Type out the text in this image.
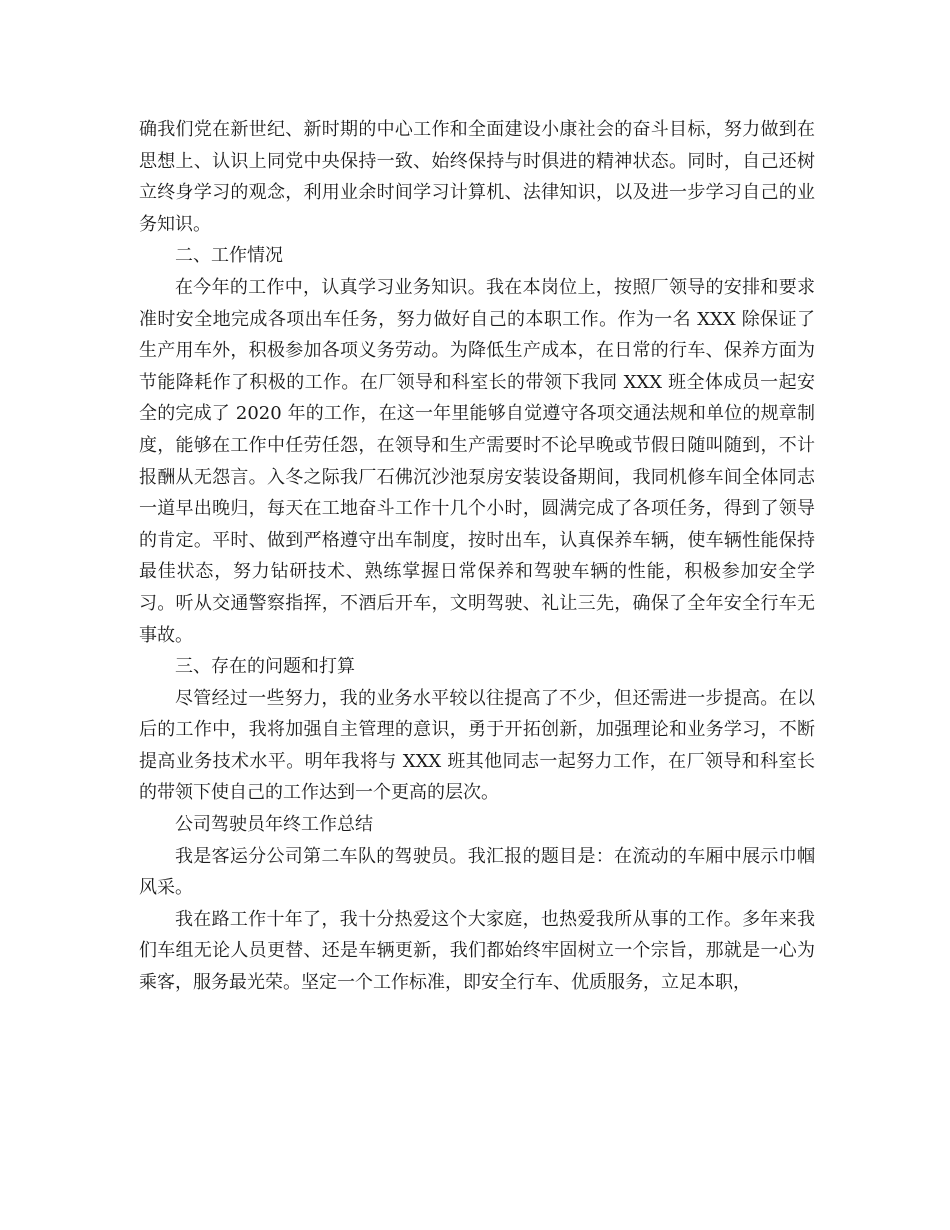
确我们党在新世纪、新时期的中心工作和全面建设小康社会的奋斗目标，努力做到在思想上、认识上同党中央保持一致、始终保持与时俱进的精神状态。同时，自己还树立终身学习的观念，利用业余时间学习计算机、法律知识，以及进一步学习自己的业务知识。

二、工作情况

在今年的工作中，认真学习业务知识。我在本岗位上，按照厂领导的安排和要求准时安全地完成各项出车任务，努力做好自己的本职工作。作为一名 XXX 除保证了生产用车外，积极参加各项义务劳动。为降低生产成本，在日常的行车、保养方面为节能降耗作了积极的工作。在厂领导和科室长的带领下我同 XXX 班全体成员一起安全的完成了 2020 年的工作，在这一年里能够自觉遵守各项交通法规和单位的规章制度，能够在工作中任劳任怨，在领导和生产需要时不论早晚或节假日随叫随到，不计报酬从无怨言。入冬之际我厂石佛沉沙池泵房安装设备期间，我同机修车间全体同志一道早出晚归，每天在工地奋斗工作十几个小时，圆满完成了各项任务，得到了领导的肯定。平时、做到严格遵守出车制度，按时出车，认真保养车辆，使车辆性能保持最佳状态，努力钻研技术、熟练掌握日常保养和驾驶车辆的性能，积极参加安全学习。听从交通警察指挥，不酒后开车，文明驾驶、礼让三先，确保了全年安全行车无事故。

三、存在的问题和打算

尽管经过一些努力，我的业务水平较以往提高了不少，但还需进一步提高。在以后的工作中，我将加强自主管理的意识，勇于开拓创新，加强理论和业务学习，不断提高业务技术水平。明年我将与 XXX 班其他同志一起努力工作，在厂领导和科室长的带领下使自己的工作达到一个更高的层次。

公司驾驶员年终工作总结

我是客运分公司第二车队的驾驶员。我汇报的题目是：在流动的车厢中展示巾帼风采。

我在路工作十年了，我十分热爱这个大家庭，也热爱我所从事的工作。多年来我们车组无论人员更替、还是车辆更新，我们都始终牢固树立一个宗旨，那就是一心为乘客，服务最光荣。坚定一个工作标准，即安全行车、优质服务，立足本职，
